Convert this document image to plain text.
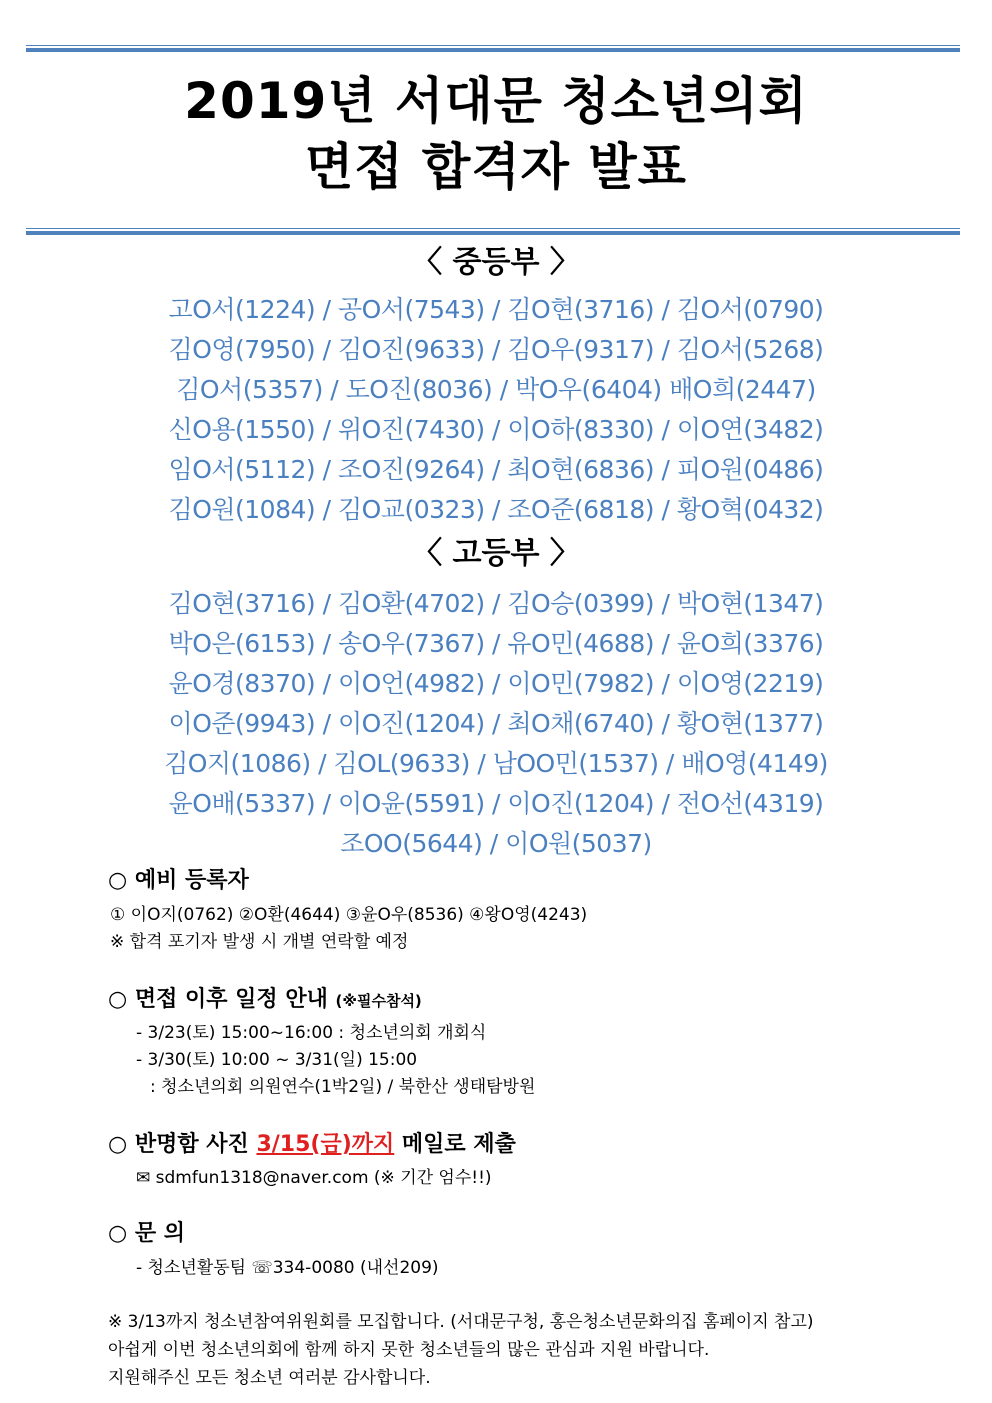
2019년 서대문 청소년의회
면접 합격자 발표
〈 중등부 〉
고O서(1224) / 공O서(7543) / 김O현(3716) / 김O서(0790)
김O영(7950) / 김O진(9633) / 김O우(9317) / 김O서(5268)
김O서(5357) / 도O진(8036) / 박O우(6404) 배O희(2447)
신O용(1550) / 위O진(7430) / 이O하(8330) / 이O연(3482)
임O서(5112) / 조O진(9264) / 최O현(6836) / 피O원(0486)
김O원(1084) / 김O교(0323) / 조O준(6818) / 황O혁(0432)
〈 고등부 〉
김O현(3716) / 김O환(4702) / 김O승(0399) / 박O현(1347)
박O은(6153) / 송O우(7367) / 유O민(4688) / 윤O희(3376)
윤O경(8370) / 이O언(4982) / 이O민(7982) / 이O영(2219)
이O준(9943) / 이O진(1204) / 최O채(6740) / 황O현(1377)
김O지(1086) / 김OL(9633) / 남OO민(1537) / 배O영(4149)
윤O배(5337) / 이O윤(5591) / 이O진(1204) / 전O선(4319)
조OO(5644) / 이O원(5037)
○ 예비 등록자
① 이O지(0762) ②O환(4644) ③윤O우(8536) ④왕O영(4243)
※ 합격 포기자 발생 시 개별 연락할 예정
○ 면접 이후 일정 안내 (※필수참석)
- 3/23(토) 15:00~16:00 : 청소년의회 개회식
- 3/30(토) 10:00 ~ 3/31(일) 15:00
: 청소년의회 의원연수(1박2일) / 북한산 생태탐방원
○ 반명함 사진 3/15(금)까지 메일로 제출
✉ sdmfun1318@naver.com (※ 기간 엄수!!)
○ 문 의
- 청소년활동팀 ☏334-0080 (내선209)
※ 3/13까지 청소년참여위원회를 모집합니다. (서대문구청, 홍은청소년문화의집 홈페이지 참고)
아쉽게 이번 청소년의회에 함께 하지 못한 청소년들의 많은 관심과 지원 바랍니다.
지원해주신 모든 청소년 여러분 감사합니다.
